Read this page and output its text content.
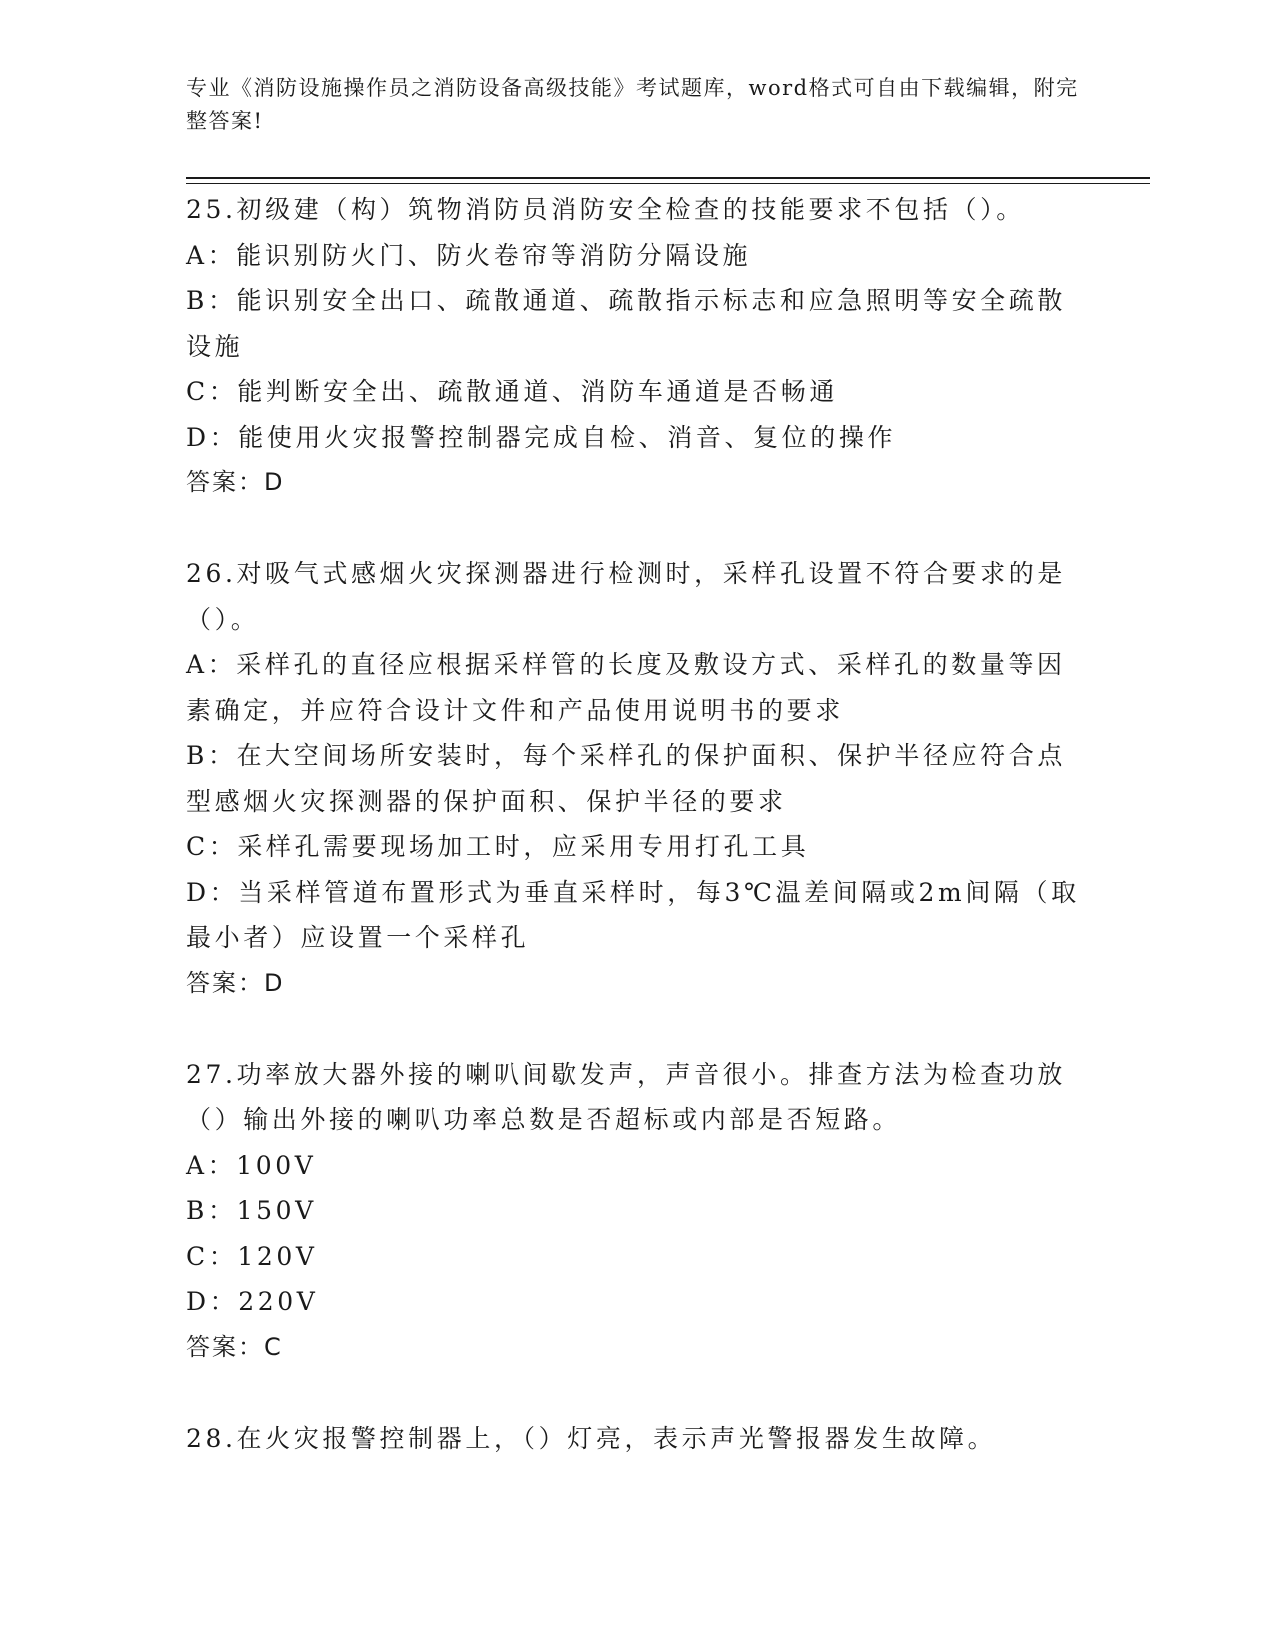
专业《消防设施操作员之消防设备高级技能》考试题库，word格式可自由下载编辑，附完整答案!
25.初级建（构）筑物消防员消防安全检查的技能要求不包括（）。
A：能识别防火门、防火卷帘等消防分隔设施
B：能识别安全出口、疏散通道、疏散指示标志和应急照明等安全疏散设施
C：能判断安全出、疏散通道、消防车通道是否畅通
D：能使用火灾报警控制器完成自检、消音、复位的操作
答案：D
26.对吸气式感烟火灾探测器进行检测时，采样孔设置不符合要求的是（）。
A：采样孔的直径应根据采样管的长度及敷设方式、采样孔的数量等因素确定，并应符合设计文件和产品使用说明书的要求
B：在大空间场所安装时，每个采样孔的保护面积、保护半径应符合点型感烟火灾探测器的保护面积、保护半径的要求
C：采样孔需要现场加工时，应采用专用打孔工具
D：当采样管道布置形式为垂直采样时，每3℃温差间隔或2m间隔（取最小者）应设置一个采样孔
答案：D
27.功率放大器外接的喇叭间歇发声，声音很小。排查方法为检查功放（）输出外接的喇叭功率总数是否超标或内部是否短路。
A：100V
B：150V
C：120V
D：220V
答案：C
28.在火灾报警控制器上，（）灯亮，表示声光警报器发生故障。
